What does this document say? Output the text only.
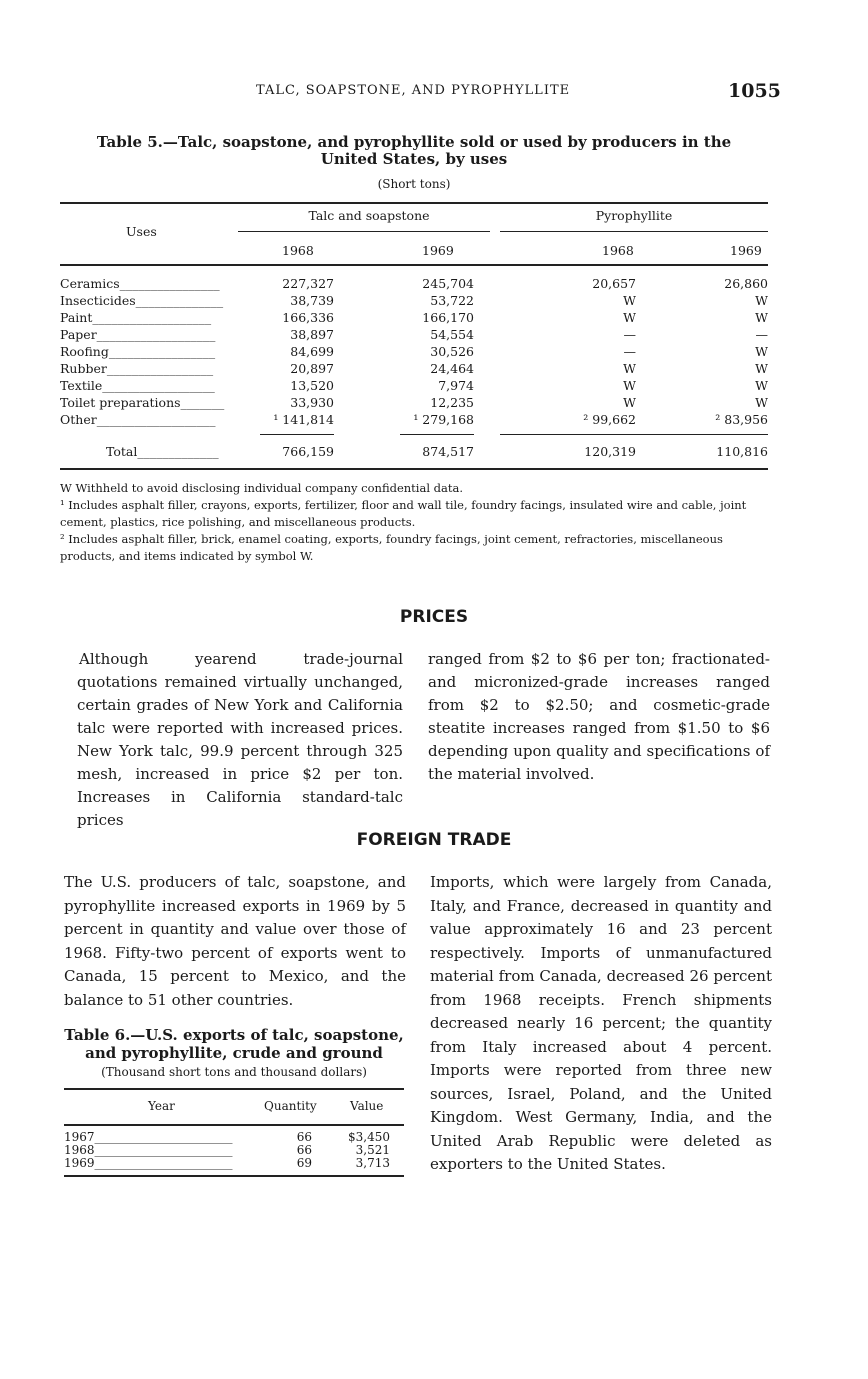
TALC, SOAPSTONE, AND PYROPHYLLITE	1055
Table 5.—Talc, soapstone, and pyrophyllite sold or used by producers in the
United States, by uses
(Short tons)
Uses
Talc and soapstone	Pyrophyllite
1968	1969	1968	1969
Ceramics________________	227,327	245,704	20,657	26,860
Insecticides______________	38,739	53,722	W	W
Paint___________________	166,336	166,170	W	W
Paper___________________	38,897	54,554	—	—
Roofing_________________	84,699	30,526	—	W
Rubber_________________	20,897	24,464	W	W
Textile__________________	13,520	7,974	W	W
Toilet preparations_______	33,930	12,235	W	W
Other___________________	¹ 141,814	¹ 279,168	² 99,662	² 83,956
Total_____________	766,159	874,517	120,319	110,816

W Withheld to avoid disclosing individual company confidential data.

¹ Includes asphalt filler, crayons, exports, fertilizer, floor and wall tile, foundry facings, insulated wire and cable, joint cement, plastics, rice polishing, and miscellaneous products.

² Includes asphalt filler, brick, enamel coating, exports, foundry facings, joint cement, refractories, miscellaneous products, and items indicated by symbol W.

PRICES

Although yearend trade-journal quotations remained virtually unchanged, certain grades of New York and California talc were reported with increased prices. New York talc, 99.9 percent through 325 mesh, increased in price $2 per ton. Increases in California standard-talc prices

ranged from $2 to $6 per ton; fractionated- and micronized-grade increases ranged from $2 to $2.50; and cosmetic-grade steatite increases ranged from $1.50 to $6 depending upon quality and specifications of the material involved.

FOREIGN TRADE

The U.S. producers of talc, soapstone, and pyrophyllite increased exports in 1969 by 5 percent in quantity and value over those of 1968. Fifty-two percent of exports went to Canada, 15 percent to Mexico, and the balance to 51 other countries.

Imports, which were largely from Canada, Italy, and France, decreased in quantity and value approximately 16 and 23 percent respectively. Imports of unmanufactured material from Canada, decreased 26 percent from 1968 receipts. French shipments decreased nearly 16 percent; the quantity from Italy increased about 4 percent. Imports were reported from three new sources, Israel, Poland, and the United Kingdom. West Germany, India, and the United Arab Republic were deleted as exporters to the United States.

Table 6.—U.S. exports of talc, soapstone,
and pyrophyllite, crude and ground
(Thousand short tons and thousand dollars)
Year	Quantity	Value
1967_______________________	66	$3,450
1968_______________________	66	3,521
1969_______________________	69	3,713
